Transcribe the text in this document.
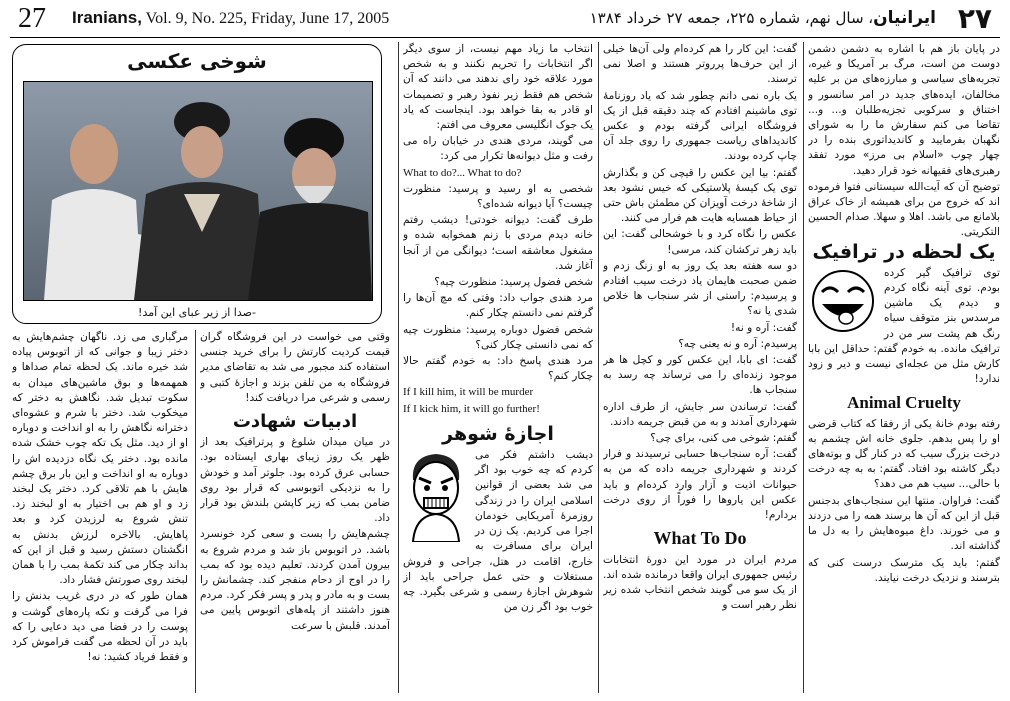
27 Iranians, Vol. 9, No. 225, Friday, June 17, 2005	ایرانیان، سال نهم، شماره ۲۲۵، جمعه ۲۷ خرداد ۱۳۸۴	۲۷

در پایان باز هم با اشاره به دشمن دشمن دوست من است، مرگ بر آمریکا و غیره، تجربه‌های سیاسی و مبارزه‌های من بر علیه مخالفان، ایده‌های جدید در امر سانسور و اختناق و سرکوبی تجزیه‌طلبان و... و... تقاضا می کنم سفارش ما را به شورای نگهبان بفرمایید و کاندیداتوری بنده را در چهار چوب «اسلام بی مرز» مورد تفقد رهبری‌های فقیهانه خود قرار دهید.

توضیح آن که آیت‌الله سیستانی فتوا فرموده اند که خروج من برای همیشه از خاک عراق بلامانع می باشد. اهلا و سهلا. صدام الحسین التکریتی.

یک لحظه در ترافیک

توی ترافیک گیر کرده بودم. توی آینه نگاه کردم و دیدم یک ماشین مرسدس بنز متوقف سیاه رنگ هم پشت سر من در ترافیک مانده. به خودم گفتم: حداقل این بابا کارش مثل من عجله‌ای نیست و دیر و زود ندارد!

Animal Cruelty

رفته بودم خانهٔ یکی از رفقا که کتاب قرضی او را پس بدهم. جلوی خانه اش چشمم به درخت بزرگ سیب که در کنار گل و بوته‌های دیگر کاشته بود افتاد. گفتم: به به چه درخت با حالی... سیب هم می دهد؟

گفت: فراوان. منتها این سنجاب‌های بدجنس قبل از این که آن ها برسند همه را می دزدند و می خورند. داغ میوه‌هایش را به دل ما گذاشته اند.

گفتم: باید یک مترسک درست کنی که بترسند و نزدیک درخت نیایند.

گفت: این کار را هم کرده‌ام ولی آن‌ها خیلی از این حرف‌ها پرروتر هستند و اصلا نمی ترسند.

یک باره نمی دانم چطور شد که یاد روزنامهٔ توی ماشینم افتادم که چند دقیقه قبل از یک فروشگاه ایرانی گرفته بودم و عکس کاندیداهای ریاست جمهوری را روی جلد آن چاپ کرده بودند.

گفتم: بیا این عکس را قیچی کن و بگذارش توی یک کیسهٔ پلاستیکی که خیس نشود بعد از شاخهٔ درخت آویزان کن مطمئن باش حتی از حیاط همسایه هایت هم فرار می کنند.

عکس را نگاه کرد و با خوشحالی گفت: این باید زهر ترکشان کند، مرسی!

دو سه هفته بعد یک روز به او زنگ زدم و ضمن صحبت هایمان یاد درخت سیب افتادم و پرسیدم: راستی از شر سنجاب ها خلاص شدی یا نه؟

گفت: آره و نه!

پرسیدم: آره و نه یعنی چه؟

گفت: ای بابا، این عکس کور و کچل ها هر موجود زنده‌ای را می ترساند چه رسد به سنجاب ها.

گفت: ترساندن سر جایش، از طرف اداره شهرداری آمدند و به من قبض جریمه دادند.

گفتم: شوخی می کنی، برای چی؟

گفت: آره سنجاب‌ها حسابی ترسیدند و فرار کردند و شهرداری جریمه داده که من به حیوانات اذیت و آزار وارد کرده‌ام و باید عکس این یاروها را فوراً از روی درخت بردارم!

What To Do

مردم ایران در مورد این دورهٔ انتخابات رئیس جمهوری ایران واقعا درمانده شده اند. از یک سو می گویند شخص انتخاب شده زیر نظر رهبر است و

انتخاب ما زیاد مهم نیست، از سوی دیگر اگر انتخابات را تحریم نکنند و به شخص مورد علاقه خود رای ندهند می دانند که آن شخص هم فقط زیر نفوذ رهبر و تصمیمات او قادر به بقا خواهد بود. اینجاست که یاد یک جوک انگلیسی معروف می افتم:

می گویند، مردی هندی در خیابان راه می رفت و مثل دیوانه‌ها تکرار می کرد:

What to do?... What to do?

شخصی به او رسید و پرسید: منظورت چیست؟ آیا دیوانه شده‌ای؟

طرف گفت: دیوانه خودتی! دیشب رفتم خانه دیدم مردی با زنم همخوابه شده و مشغول معاشقه است؛ دیوانگی من از آنجا آغاز شد.

شخص فضول پرسید: منظورت چیه؟

مرد هندی جواب داد: وقتی که مچ آن‌ها را گرفتم نمی دانستم چکار کنم.

شخص فضول دوباره پرسید: منظورت چیه که نمی دانستی چکار کنی؟

مرد هندی پاسخ داد: به خودم گفتم حالا چکار کنم؟

If I kill him, it will be murder

If I kick him, it will go further!

اجازهٔ شوهر

دیشب داشتم فکر می کردم که چه خوب بود اگر می شد بعضی از قوانین اسلامی ایران را در زندگی روزمرهٔ آمریکایی خودمان اجرا می کردیم. یک زن در ایران برای مسافرت به خارج، اقامت در هتل، جراحی و فروش مستغلات و حتی عمل جراحی باید از شوهرش اجازهٔ رسمی و شرعی بگیرد. چه خوب بود اگر زن من

شوخی عکسی
-صدا از زیر عبای این آمد!

وقتی می خواست در این فروشگاه گران قیمت کردیت کارتش را برای خرید جنسی استفاده کند مجبور می شد به تقاضای مدیر فروشگاه به من تلفن بزند و اجازهٔ کتبی و رسمی و شرعی مرا دریافت کند!

ادبیات شهادت

در میان میدان شلوغ و پرترافیک بعد از ظهر یک روز زیبای بهاری ایستاده بود. حسابی عرق کرده بود. جلوتر آمد و خودش را به نزدیکی اتوبوسی که قرار بود روی ضامن بمب که زیر کاپشن بلندش بود قرار داد.

چشم‌هایش را بست و سعی کرد خونسرد باشد. در اتوبوس باز شد و مردم شروع به بیرون آمدن کردند. تعلیم دیده بود که بمب را در اوج از دحام منفجر کند. چشمانش را بست و به مادر و پدر و پسر فکر کرد. مردم هنوز داشتند از پله‌های اتوبوس پایین می آمدند. قلبش با سرعت

مرگباری می زد. ناگهان چشم‌هایش به دختر زیبا و جوانی که از اتوبوس پیاده شد خیره ماند. یک لحظه تمام صداها و همهمه‌ها و بوق ماشین‌های میدان به سکوت تبدیل شد. نگاهش به دختر که میخکوب شد. دختر با شرم و عشوه‌ای دخترانه نگاهش را به او انداخت و دوباره او از دید. مثل یک تکه چوب خشک شده مانده بود. دختر یک نگاه دزدیده اش را دوباره به او انداخت و این بار برق چشم هایش با هم تلاقی کرد. دختر یک لبخند زد و او هم بی اختیار به او لبخند زد. تنش شروع به لرزیدن کرد و بعد پاهایش. بالاخره لرزش بدنش به انگشتان دستش رسید و قبل از این که بداند چکار می کند تکمهٔ بمب را با همان لبخند روی صورتش فشار داد.

همان طور که در دری غریب بدنش را فرا می گرفت و تکه پاره‌های گوشت و پوست را در فضا می دید دعایی را که باید در آن لحظه می گفت فراموش کرد و فقط فریاد کشید: نه!
